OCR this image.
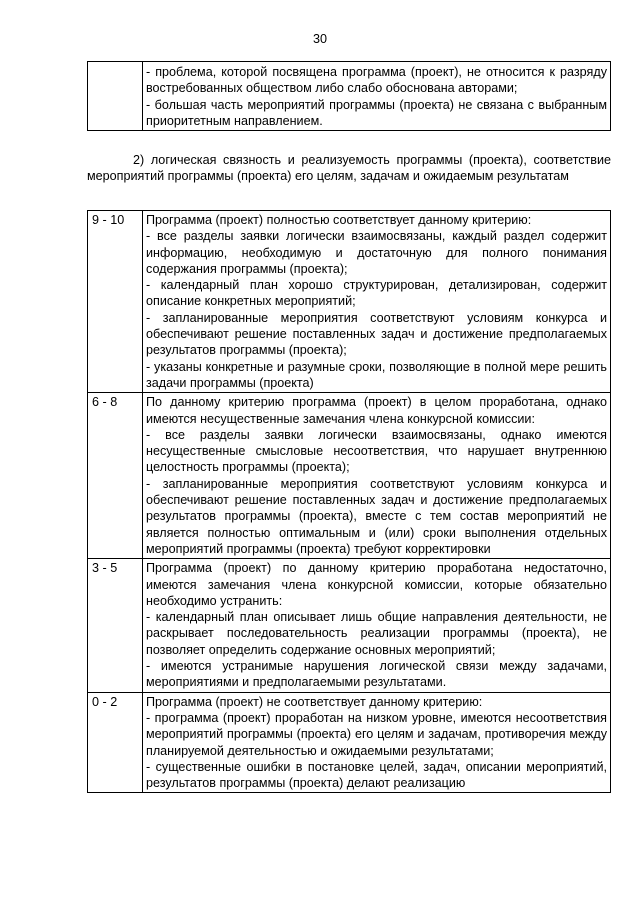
30

- проблема, которой посвящена программа (проект), не относится к разряду востребованных обществом либо слабо обоснована авторами;
- большая часть мероприятий программы (проекта) не связана с выбранным приоритетным направлением.
2) логическая связность и реализуемость программы (проекта), соответствие мероприятий программы (проекта) его целям, задачам и ожидаемым результатам
9 - 10	Программа (проект) полностью соответствует данному критерию:
- все разделы заявки логически взаимосвязаны, каждый раздел содержит информацию, необходимую и достаточную для полного понимания содержания программы (проекта);
- календарный план хорошо структурирован, детализирован, содержит описание конкретных мероприятий;
- запланированные мероприятия соответствуют условиям конкурса и обеспечивают решение поставленных задач и достижение предполагаемых результатов программы (проекта);
- указаны конкретные и разумные сроки, позволяющие в полной мере решить задачи программы (проекта)

6 - 8	По данному критерию программа (проект) в целом проработана, однако имеются несущественные замечания члена конкурсной комиссии:
- все разделы заявки логически взаимосвязаны, однако имеются несущественные смысловые несоответствия, что нарушает внутреннюю целостность программы (проекта);
- запланированные мероприятия соответствуют условиям конкурса и обеспечивают решение поставленных задач и достижение предполагаемых результатов программы (проекта), вместе с тем состав мероприятий не является полностью оптимальным и (или) сроки выполнения отдельных мероприятий программы (проекта) требуют корректировки

3 - 5	Программа (проект) по данному критерию проработана недостаточно, имеются замечания члена конкурсной комиссии, которые обязательно необходимо устранить:
- календарный план описывает лишь общие направления деятельности, не раскрывает последовательность реализации программы (проекта), не позволяет определить содержание основных мероприятий;
- имеются устранимые нарушения логической связи между задачами, мероприятиями и предполагаемыми результатами.

0 - 2	Программа (проект) не соответствует данному критерию:
- программа (проект) проработан на низком уровне, имеются несоответствия мероприятий программы (проекта) его целям и задачам, противоречия между планируемой деятельностью и ожидаемыми результатами;
- существенные ошибки в постановке целей, задач, описании мероприятий, результатов программы (проекта) делают реализацию
